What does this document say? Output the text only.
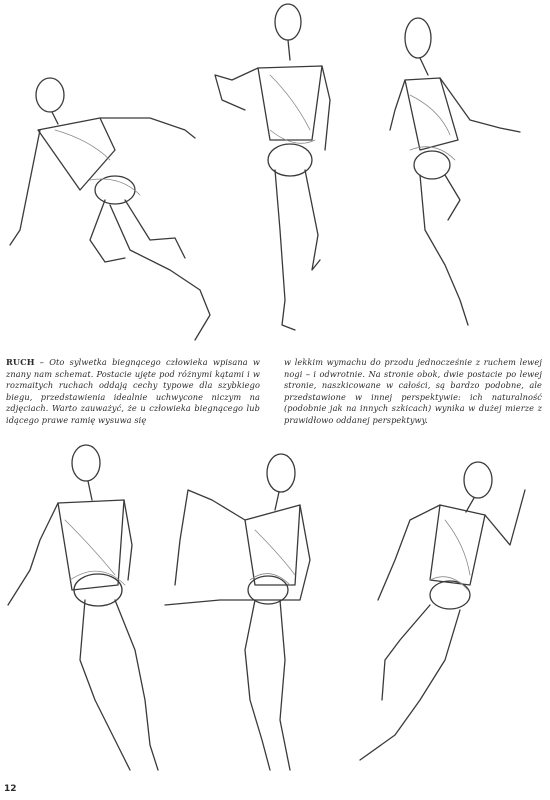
RUCH – Oto sylwetka biegnącego człowieka wpisana w znany nam schemat. Postacie ujęte pod różnymi kątami i w rozmaitych ruchach oddają cechy typowe dla szybkiego biegu, przedstawienia idealnie uchwycone niczym na zdjęciach. Warto zauważyć, że u człowieka biegnącego lub idącego prawe ramię wysuwa się
w lekkim wymachu do przodu jednocześnie z ruchem lewej nogi – i odwrotnie. Na stronie obok, dwie postacie po lewej stronie, naszkicowane w całości, są bardzo podobne, ale przedstawione w innej perspektywie: ich naturalność (podobnie jak na innych szkicach) wynika w dużej mierze z prawidłowo oddanej perspektywy.
12
